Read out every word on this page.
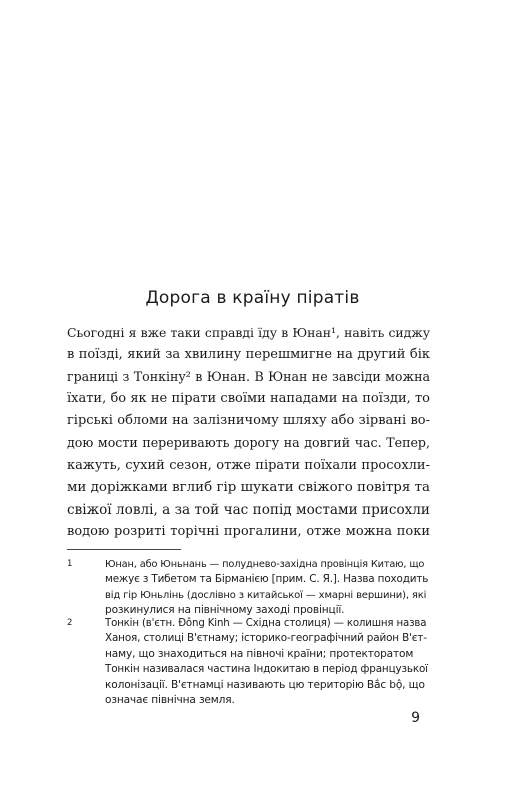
Дорога в країну піратів
Сьогодні я вже таки справді їду в Юнан¹, навіть сиджу
в поїзді, який за хвилину перешмигне на другий бік
границі з Тонкіну² в Юнан. В Юнан не завсіди можна
їхати, бо як не пірати своїми нападами на поїзди, то
гірські обломи на залізничому шляху або зірвані во-
дою мости переривають дорогу на довгий час. Тепер,
кажуть, сухий сезон, отже пірати поїхали просохли-
ми доріжками вглиб гір шукати свіжого повітря та
свіжої ловлі, а за той час попід мостами присохли
водою розриті торічні прогалини, отже можна поки
1	Юнан, або Юньнань — полуднево-західна провінція Китаю, що
межує з Тибетом та Бірманією [прим. С. Я.]. Назва походить
від гір Юньлінь (дослівно з китайської — хмарні вершини), які
розкинулися на північному заході провінції.
2	Тонкін (в'єтн. Đông Kinh — Східна столиця) — колишня назва
Ханоя, столиці В'єтнаму; історико-географічний район В'єт-
наму, що знаходиться на півночі країни; протекторатом
Тонкін називалася частина Індокитаю в період французької
колонізації. В'єтнамці називають цю територію Bắc bộ, що
означає північна земля.
9
